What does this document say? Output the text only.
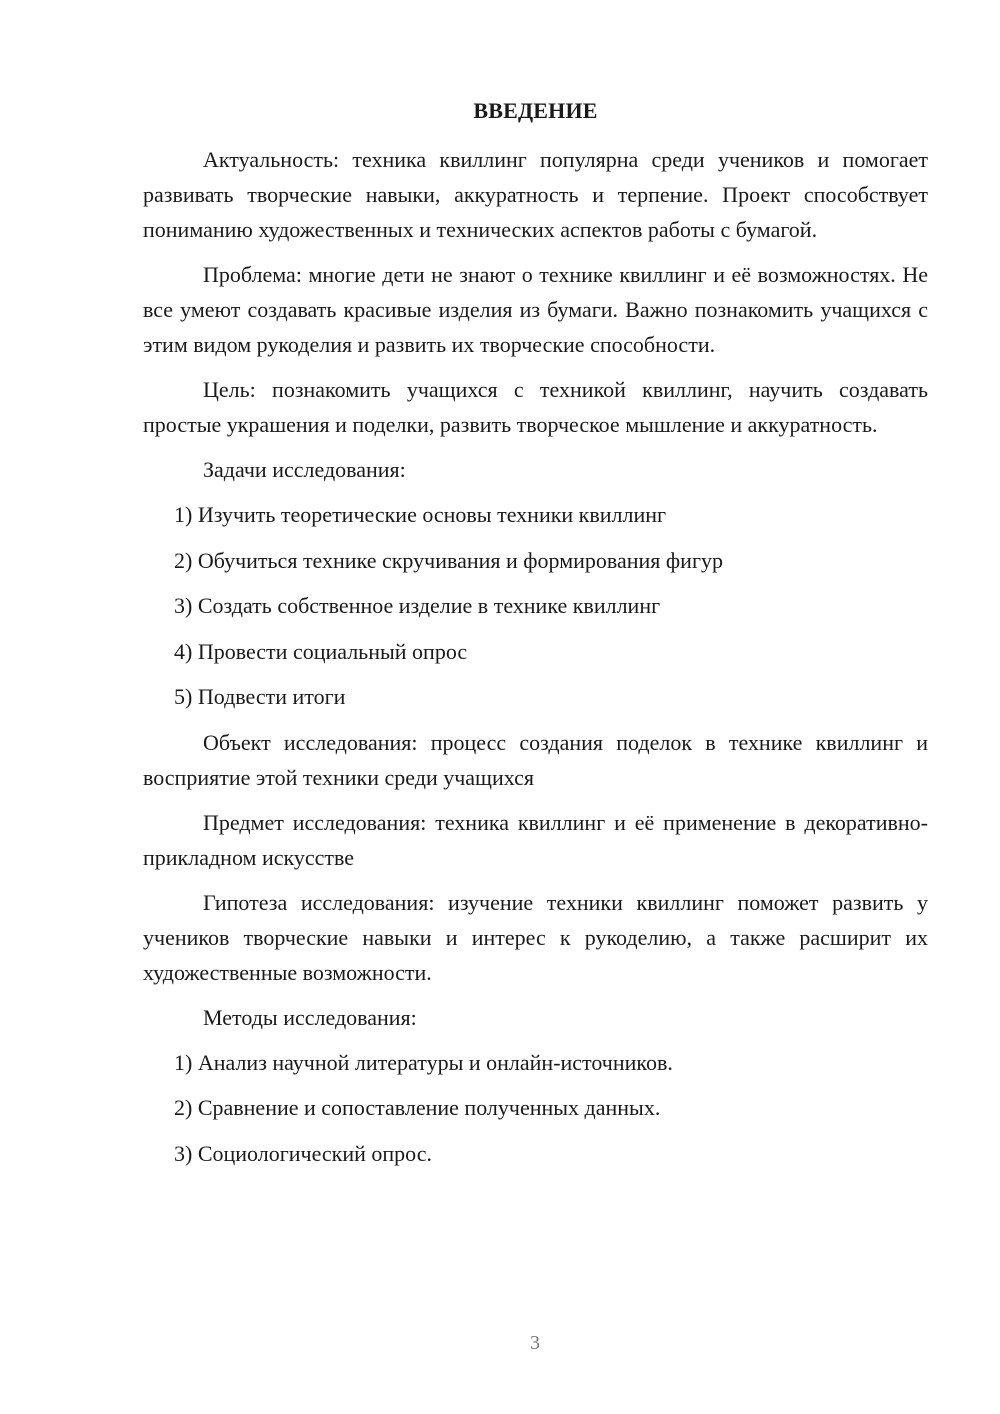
ВВЕДЕНИЕ

Актуальность: техника квиллинг популярна среди учеников и помогает развивать творческие навыки, аккуратность и терпение. Проект способствует пониманию художественных и технических аспектов работы с бумагой.

Проблема: многие дети не знают о технике квиллинг и её возможностях. Не все умеют создавать красивые изделия из бумаги. Важно познакомить учащихся с этим видом рукоделия и развить их творческие способности.

Цель: познакомить учащихся с техникой квиллинг, научить создавать простые украшения и поделки, развить творческое мышление и аккуратность.

Задачи исследования:

1) Изучить теоретические основы техники квиллинг
2) Обучиться технике скручивания и формирования фигур
3) Создать собственное изделие в технике квиллинг
4) Провести социальный опрос
5) Подвести итоги

Объект исследования: процесс создания поделок в технике квиллинг и восприятие этой техники среди учащихся

Предмет исследования: техника квиллинг и её применение в декоративно-прикладном искусстве

Гипотеза исследования: изучение техники квиллинг поможет развить у учеников творческие навыки и интерес к рукоделию, а также расширит их художественные возможности.

Методы исследования:

1) Анализ научной литературы и онлайн-источников.
2) Сравнение и сопоставление полученных данных.
3) Социологический опрос.
3
